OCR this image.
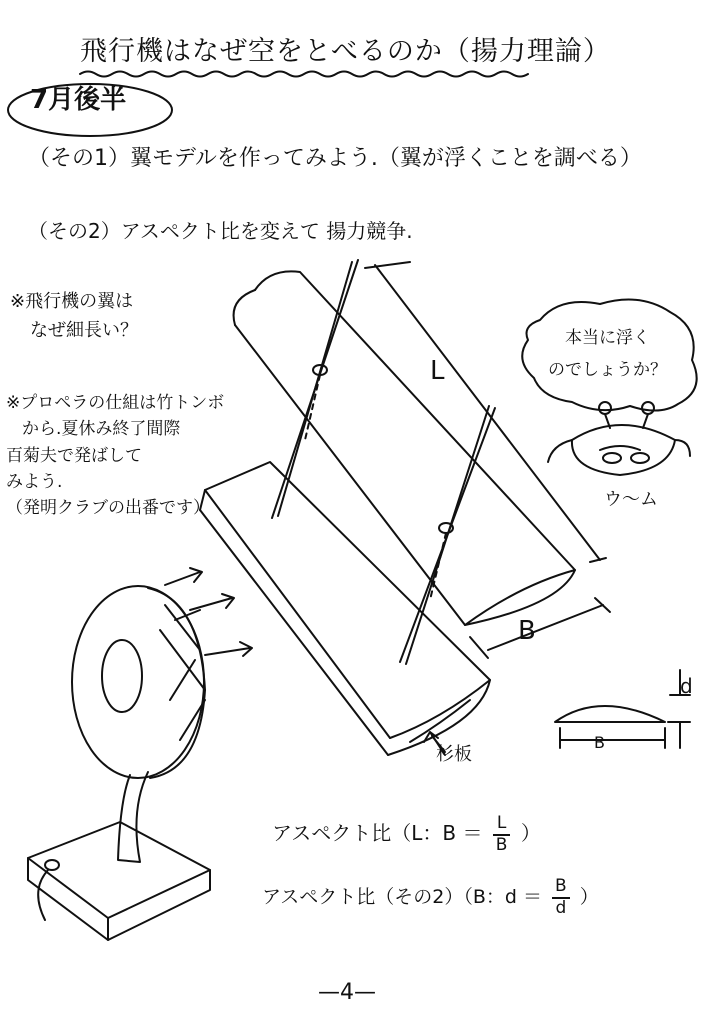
飛行機はなぜ空をとべるのか（揚力理論）
7月後半
（その1）翼モデルを作ってみよう.（翼が浮くことを調べる）
（その2）アスペクト比を変えて 揚力競争.
※飛行機の翼は
なぜ細長い？
※プロペラの仕組は竹トンボ
から.夏休み終了間際
百菊夫で発ばして
みよう.
（発明クラブの出番です）
本当に浮く
のでしょうか？
ウ〜ム
L
B
d
B
杉板
アスペクト比（L：$B = \frac{L}{B}$ ）
アスペクト比（その2）（B：$d = \frac{B}{d}$ ）
—4—
